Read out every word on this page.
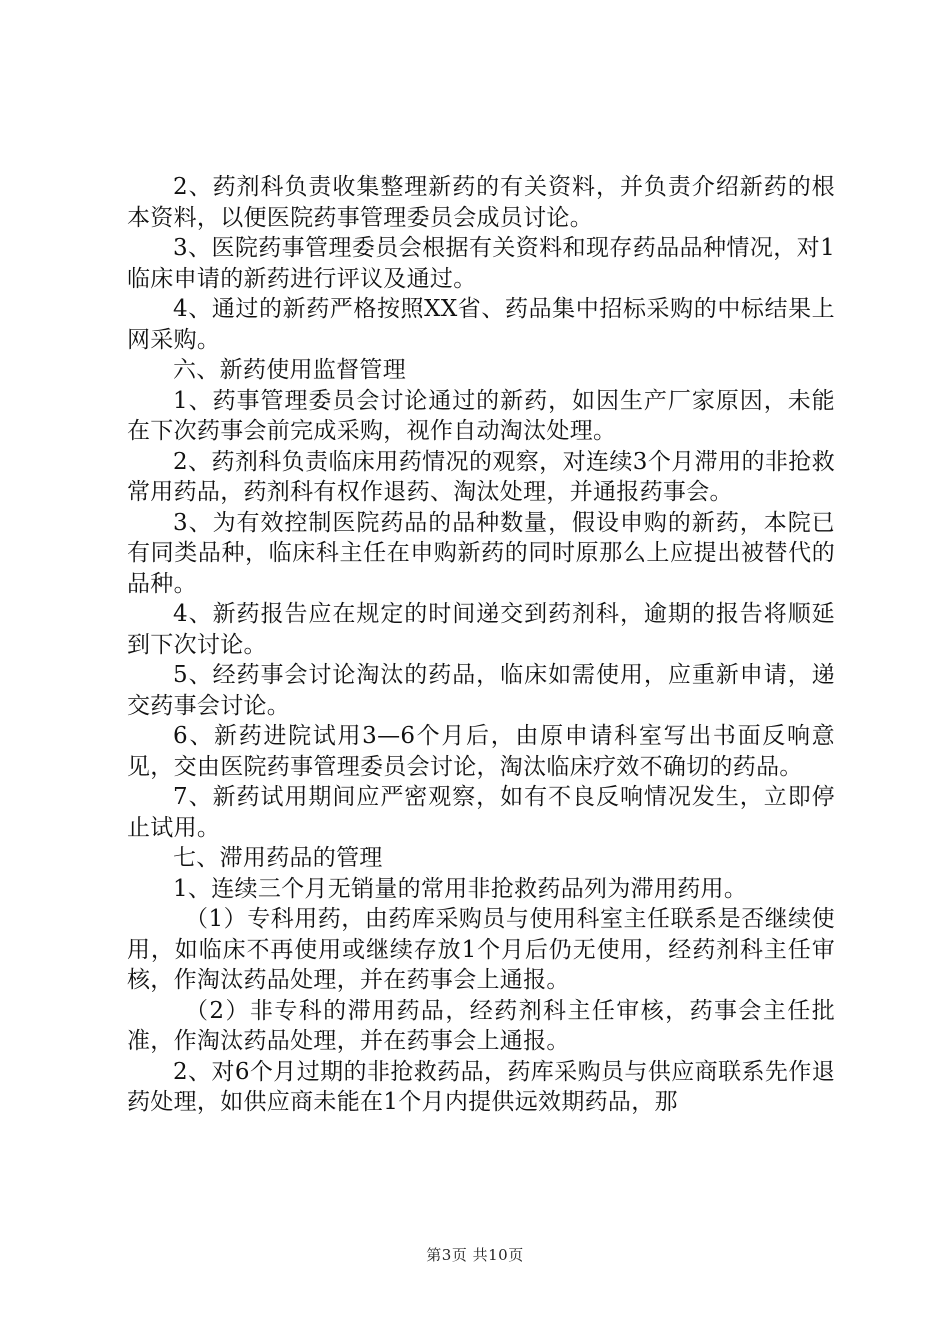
2、药剂科负责收集整理新药的有关资料，并负责介绍新药的根本资料，以便医院药事管理委员会成员讨论。

3、医院药事管理委员会根据有关资料和现存药品品种情况，对1临床申请的新药进行评议及通过。

4、通过的新药严格按照XX省、药品集中招标采购的中标结果上网采购。

六、新药使用监督管理

1、药事管理委员会讨论通过的新药，如因生产厂家原因，未能在下次药事会前完成采购，视作自动淘汰处理。

2、药剂科负责临床用药情况的观察，对连续3个月滞用的非抢救常用药品，药剂科有权作退药、淘汰处理，并通报药事会。

3、为有效控制医院药品的品种数量，假设申购的新药，本院已有同类品种，临床科主任在申购新药的同时原那么上应提出被替代的品种。

4、新药报告应在规定的时间递交到药剂科，逾期的报告将顺延到下次讨论。

5、经药事会讨论淘汰的药品，临床如需使用，应重新申请，递交药事会讨论。

6、新药进院试用3—6个月后，由原申请科室写出书面反响意见，交由医院药事管理委员会讨论，淘汰临床疗效不确切的药品。

7、新药试用期间应严密观察，如有不良反响情况发生，立即停止试用。

七、滞用药品的管理

1、连续三个月无销量的常用非抢救药品列为滞用药用。

（1）专科用药，由药库采购员与使用科室主任联系是否继续使用，如临床不再使用或继续存放1个月后仍无使用，经药剂科主任审核，作淘汰药品处理，并在药事会上通报。

（2）非专科的滞用药品，经药剂科主任审核，药事会主任批准，作淘汰药品处理，并在药事会上通报。

2、对6个月过期的非抢救药品，药库采购员与供应商联系先作退药处理，如供应商未能在1个月内提供远效期药品，那

第3页 共10页
